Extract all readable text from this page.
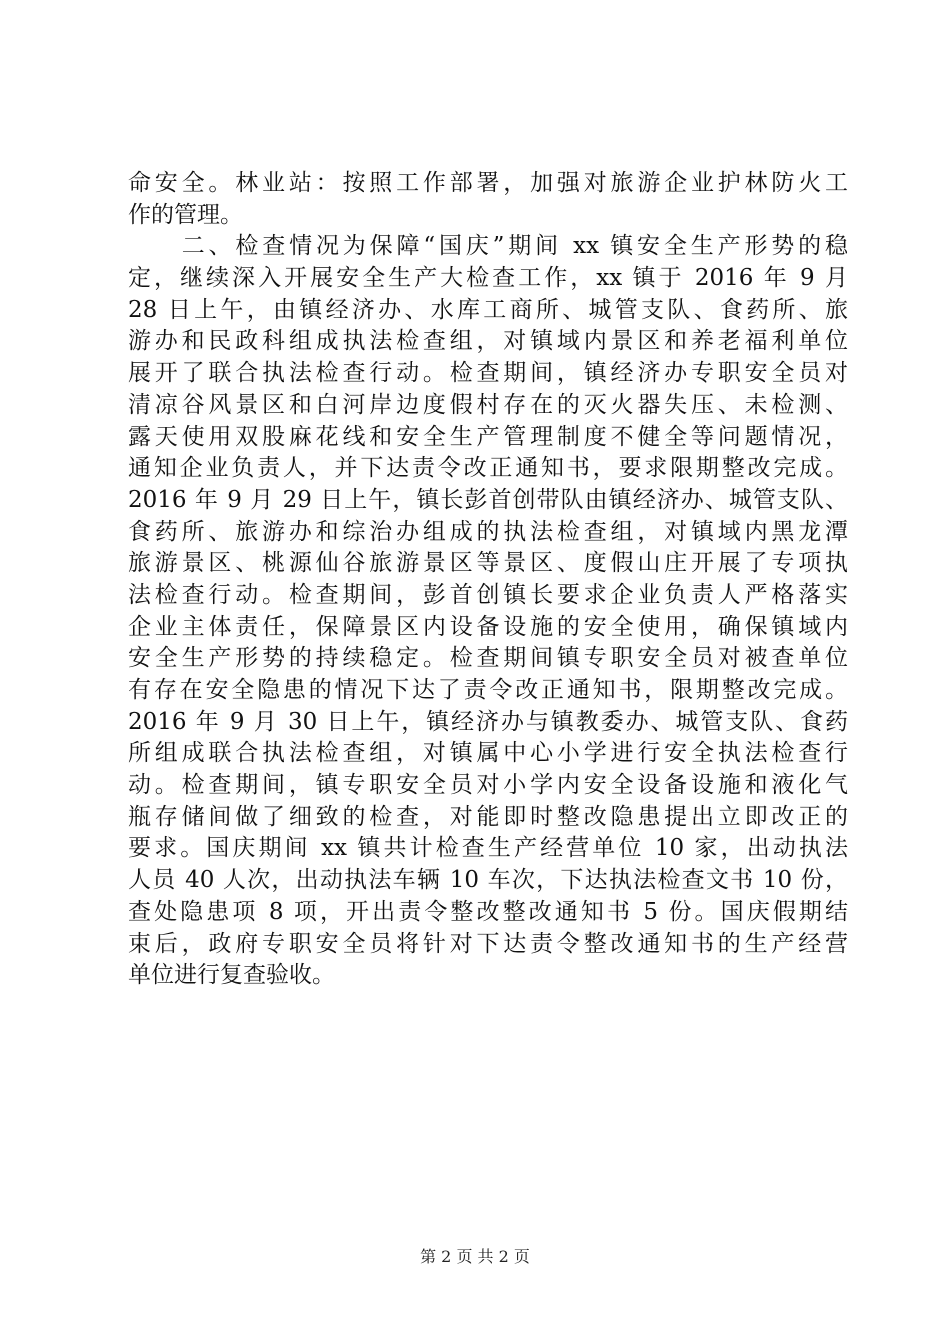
命安全。林业站：按照工作部署，加强对旅游企业护林防火工
作的管理。
　　二、检查情况为保障“国庆”期间 xx 镇安全生产形势的稳
定，继续深入开展安全生产大检查工作，xx 镇于 2016 年 9 月
28 日上午，由镇经济办、水库工商所、城管支队、食药所、旅
游办和民政科组成执法检查组，对镇域内景区和养老福利单位
展开了联合执法检查行动。检查期间，镇经济办专职安全员对
清凉谷风景区和白河岸边度假村存在的灭火器失压、未检测、
露天使用双股麻花线和安全生产管理制度不健全等问题情况，
通知企业负责人，并下达责令改正通知书，要求限期整改完成。
2016 年 9 月 29 日上午，镇长彭首创带队由镇经济办、城管支队、
食药所、旅游办和综治办组成的执法检查组，对镇域内黑龙潭
旅游景区、桃源仙谷旅游景区等景区、度假山庄开展了专项执
法检查行动。检查期间，彭首创镇长要求企业负责人严格落实
企业主体责任，保障景区内设备设施的安全使用，确保镇域内
安全生产形势的持续稳定。检查期间镇专职安全员对被查单位
有存在安全隐患的情况下达了责令改正通知书，限期整改完成。
2016 年 9 月 30 日上午，镇经济办与镇教委办、城管支队、食药
所组成联合执法检查组，对镇属中心小学进行安全执法检查行
动。检查期间，镇专职安全员对小学内安全设备设施和液化气
瓶存储间做了细致的检查，对能即时整改隐患提出立即改正的
要求。国庆期间 xx 镇共计检查生产经营单位 10 家，出动执法
人员 40 人次，出动执法车辆 10 车次，下达执法检查文书 10 份，
查处隐患项 8 项，开出责令整改整改通知书 5 份。国庆假期结
束后，政府专职安全员将针对下达责令整改通知书的生产经营
单位进行复查验收。
第 2 页 共 2 页
